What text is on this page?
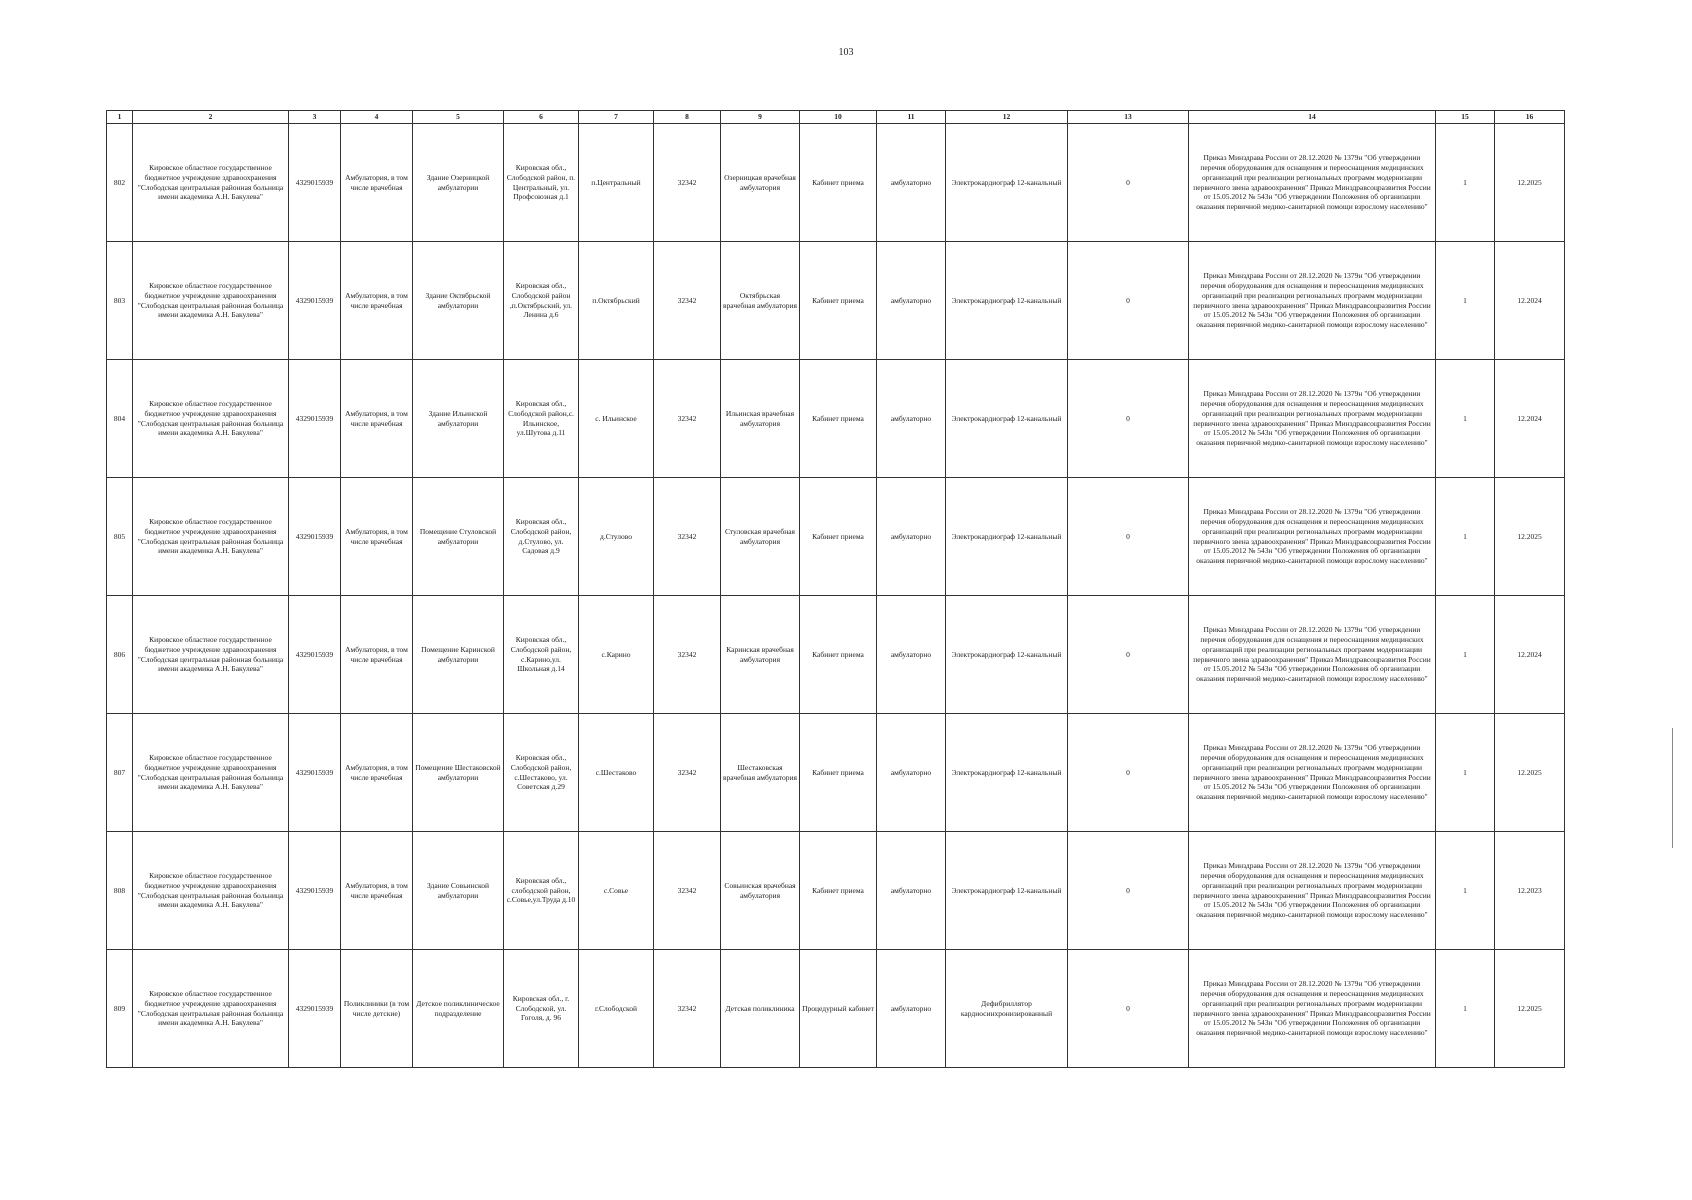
103
1	2	3	4	5	6	7	8	9	10	11	12	13	14	15	16
802	Кировское областное государственное бюджетное учреждение здравоохранения "Слободская центральная районная больница имени академика А.Н. Бакулева"	4329015939	Амбулатория, в том числе врачебная	Здание Озерницкой амбулатории	Кировская обл., Слободской район, п. Центральный, ул. Профсоюзная д.1	п.Центральный	32342	Озерницкая врачебная амбулатория	Кабинет приема	амбулаторно	Электрокардиограф 12-канальный	0	Приказ Минздрава России от 28.12.2020 № 1379н "Об утверждении перечня оборудования для оснащения и переоснащения медицинских организаций при реализации региональных программ модернизации первичного звена здравоохранения" Приказ Минздравсоцразвития России от 15.05.2012 № 543н "Об утверждении Положения об организации оказания первичной медико-санитарной помощи взрослому населению"	1	12.2025
803	Кировское областное государственное бюджетное учреждение здравоохранения "Слободская центральная районная больница имени академика А.Н. Бакулева"	4329015939	Амбулатория, в том числе врачебная	Здание Октябрьской амбулатории	Кировская обл., Слободской район ,п.Октябрьский, ул. Ленина д.6	п.Октябрьский	32342	Октябрьская врачебная амбулатория	Кабинет приема	амбулаторно	Электрокардиограф 12-канальный	0	Приказ Минздрава России от 28.12.2020 № 1379н "Об утверждении перечня оборудования для оснащения и переоснащения медицинских организаций при реализации региональных программ модернизации первичного звена здравоохранения" Приказ Минздравсоцразвития России от 15.05.2012 № 543н "Об утверждении Положения об организации оказания первичной медико-санитарной помощи взрослому населению"	1	12.2024
804	Кировское областное государственное бюджетное учреждение здравоохранения "Слободская центральная районная больница имени академика А.Н. Бакулева"	4329015939	Амбулатория, в том числе врачебная	Здание Ильинской амбулатории	Кировская обл., Слободской район,с. Ильинское, ул.Шутова д.11	с. Ильинское	32342	Ильинская врачебная амбулатория	Кабинет приема	амбулаторно	Электрокардиограф 12-канальный	0	Приказ Минздрава России от 28.12.2020 № 1379н "Об утверждении перечня оборудования для оснащения и переоснащения медицинских организаций при реализации региональных программ модернизации первичного звена здравоохранения" Приказ Минздравсоцразвития России от 15.05.2012 № 543н "Об утверждении Положения об организации оказания первичной медико-санитарной помощи взрослому населению"	1	12.2024
805	Кировское областное государственное бюджетное учреждение здравоохранения "Слободская центральная районная больница имени академика А.Н. Бакулева"	4329015939	Амбулатория, в том числе врачебная	Помещение Стуловской амбулатории	Кировская обл., Слободской район, д.Стулово, ул. Садовая д.9	д.Стулово	32342	Стуловская врачебная амбулатория	Кабинет приема	амбулаторно	Электрокардиограф 12-канальный	0	Приказ Минздрава России от 28.12.2020 № 1379н "Об утверждении перечня оборудования для оснащения и переоснащения медицинских организаций при реализации региональных программ модернизации первичного звена здравоохранения" Приказ Минздравсоцразвития России от 15.05.2012 № 543н "Об утверждении Положения об организации оказания первичной медико-санитарной помощи взрослому населению"	1	12.2025
806	Кировское областное государственное бюджетное учреждение здравоохранения "Слободская центральная районная больница имени академика А.Н. Бакулева"	4329015939	Амбулатория, в том числе врачебная	Помещение Каринской амбулатории	Кировская обл., Слободской район, с.Карино,ул. Школьная д.14	с.Карино	32342	Каринская врачебная амбулатория	Кабинет приема	амбулаторно	Электрокардиограф 12-канальный	0	Приказ Минздрава России от 28.12.2020 № 1379н "Об утверждении перечня оборудования для оснащения и переоснащения медицинских организаций при реализации региональных программ модернизации первичного звена здравоохранения" Приказ Минздравсоцразвития России от 15.05.2012 № 543н "Об утверждении Положения об организации оказания первичной медико-санитарной помощи взрослому населению"	1	12.2024
807	Кировское областное государственное бюджетное учреждение здравоохранения "Слободская центральная районная больница имени академика А.Н. Бакулева"	4329015939	Амбулатория, в том числе врачебная	Помещение Шестаковской амбулатории	Кировская обл., Слободской район, с.Шестаково, ул. Советская д.29	с.Шестаково	32342	Шестаковская врачебная амбулатория	Кабинет приема	амбулаторно	Электрокардиограф 12-канальный	0	Приказ Минздрава России от 28.12.2020 № 1379н "Об утверждении перечня оборудования для оснащения и переоснащения медицинских организаций при реализации региональных программ модернизации первичного звена здравоохранения" Приказ Минздравсоцразвития России от 15.05.2012 № 543н "Об утверждении Положения об организации оказания первичной медико-санитарной помощи взрослому населению"	1	12.2025
808	Кировское областное государственное бюджетное учреждение здравоохранения "Слободская центральная районная больница имени академика А.Н. Бакулева"	4329015939	Амбулатория, в том числе врачебная	Здание Совьинской амбулатории	Кировская обл., слободской район, с.Совье,ул.Труда д.10	с.Совье	32342	Совьинская врачебная амбулатория	Кабинет приема	амбулаторно	Электрокардиограф 12-канальный	0	Приказ Минздрава России от 28.12.2020 № 1379н "Об утверждении перечня оборудования для оснащения и переоснащения медицинских организаций при реализации региональных программ модернизации первичного звена здравоохранения" Приказ Минздравсоцразвития России от 15.05.2012 № 543н "Об утверждении Положения об организации оказания первичной медико-санитарной помощи взрослому населению"	1	12.2023
809	Кировское областное государственное бюджетное учреждение здравоохранения "Слободская центральная районная больница имени академика А.Н. Бакулева"	4329015939	Поликлиники (в том числе детские)	Детское поликлиническое подразделение	Кировская обл., г. Слободской, ул. Гоголя, д. 96	г.Слободской	32342	Детская поликлиника	Процедурный кабинет	амбулаторно	Дефибриллятор кардиосинхронизированный	0	Приказ Минздрава России от 28.12.2020 № 1379н "Об утверждении перечня оборудования для оснащения и переоснащения медицинских организаций при реализации региональных программ модернизации первичного звена здравоохранения" Приказ Минздравсоцразвития России от 15.05.2012 № 543н "Об утверждении Положения об организации оказания первичной медико-санитарной помощи взрослому населению"	1	12.2025
